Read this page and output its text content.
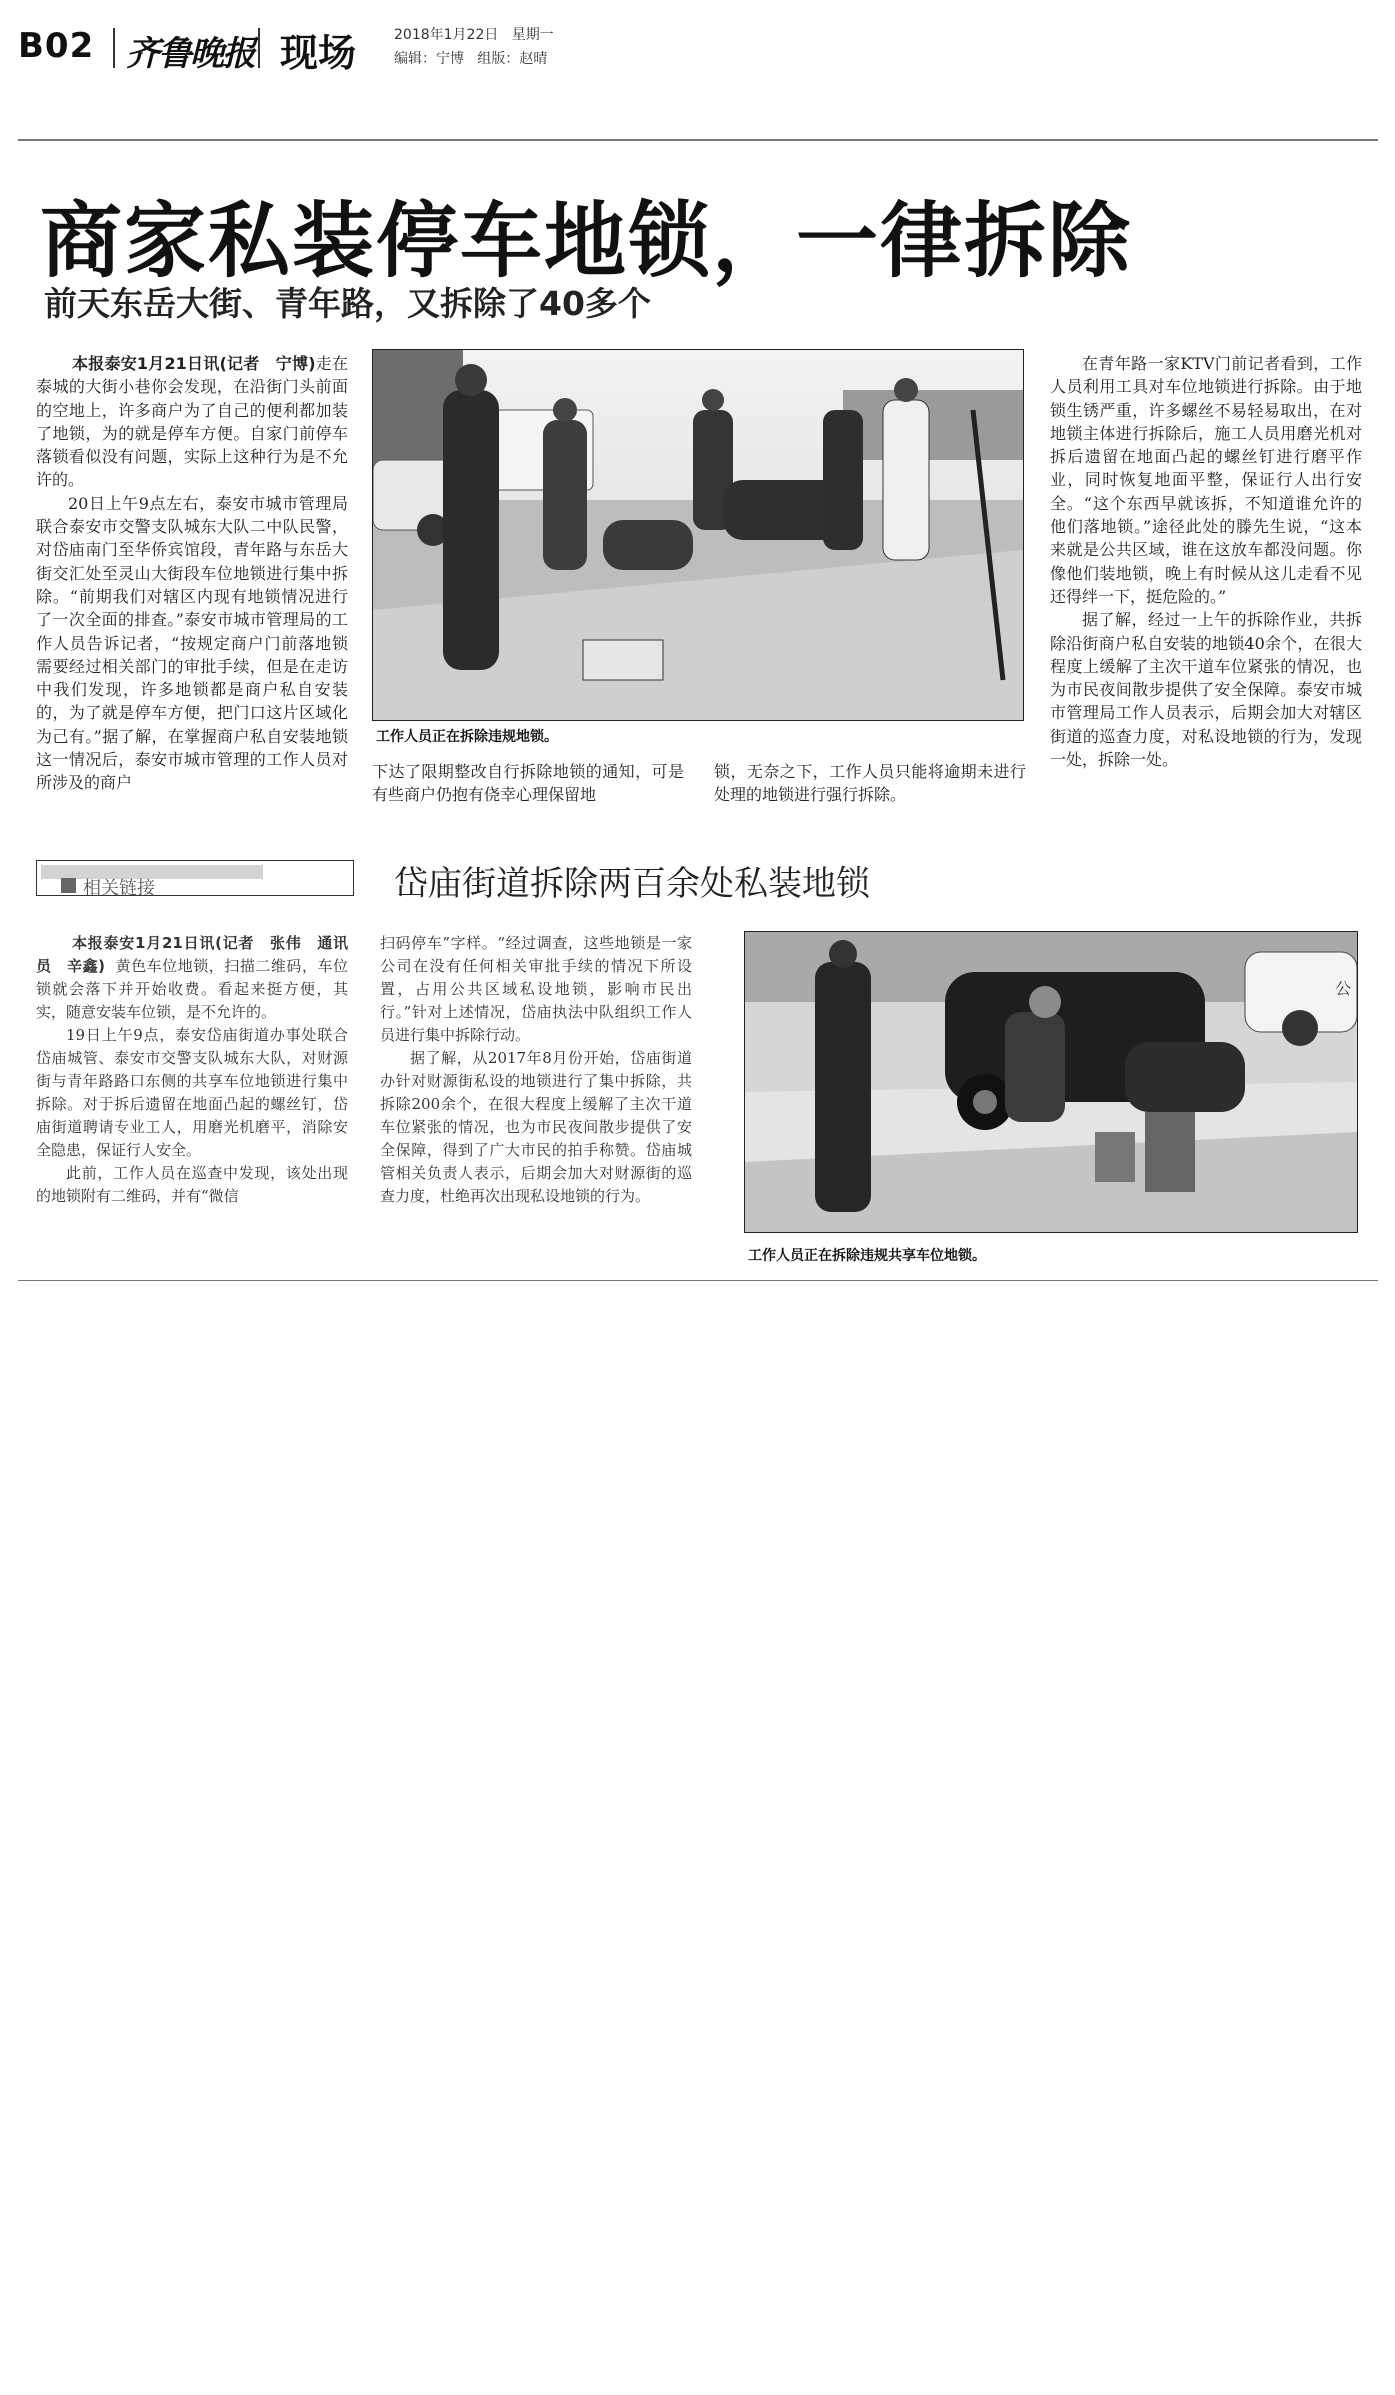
B02 齐鲁晚报 现场	2018年1月22日 星期一
编辑：宁博 组版：赵晴
商家私装停车地锁，一律拆除
前天东岳大街、青年路，又拆除了40多个

本报泰安1月21日讯(记者　宁博)走在泰城的大街小巷你会发现，在沿街门头前面的空地上，许多商户为了自己的便利都加装了地锁，为的就是停车方便。自家门前停车落锁看似没有问题，实际上这种行为是不允许的。

20日上午9点左右，泰安市城市管理局联合泰安市交警支队城东大队二中队民警，对岱庙南门至华侨宾馆段，青年路与东岳大街交汇处至灵山大街段车位地锁进行集中拆除。“前期我们对辖区内现有地锁情况进行了一次全面的排查。”泰安市城市管理局的工作人员告诉记者，“按规定商户门前落地锁需要经过相关部门的审批手续，但是在走访中我们发现，许多地锁都是商户私自安装的，为了就是停车方便，把门口这片区域化为己有。”据了解，在掌握商户私自安装地锁这一情况后，泰安市城市管理的工作人员对所涉及的商户

工作人员正在拆除违规地锁。

下达了限期整改自行拆除地锁的通知，可是有些商户仍抱有侥幸心理保留地

锁，无奈之下，工作人员只能将逾期未进行处理的地锁进行强行拆除。

在青年路一家KTV门前记者看到，工作人员利用工具对车位地锁进行拆除。由于地锁生锈严重，许多螺丝不易轻易取出，在对地锁主体进行拆除后，施工人员用磨光机对拆后遗留在地面凸起的螺丝钉进行磨平作业，同时恢复地面平整，保证行人出行安全。“这个东西早就该拆，不知道谁允许的他们落地锁。”途径此处的滕先生说，“这本来就是公共区域，谁在这放车都没问题。你像他们装地锁，晚上有时候从这儿走看不见还得绊一下，挺危险的。”

据了解，经过一上午的拆除作业，共拆除沿街商户私自安装的地锁40余个，在很大程度上缓解了主次干道车位紧张的情况，也为市民夜间散步提供了安全保障。泰安市城市管理局工作人员表示，后期会加大对辖区街道的巡查力度，对私设地锁的行为，发现一处，拆除一处。

相关链接	岱庙街道拆除两百余处私装地锁

本报泰安1月21日讯(记者　张伟　通讯员　辛鑫) 黄色车位地锁，扫描二维码，车位锁就会落下并开始收费。看起来挺方便，其实，随意安装车位锁，是不允许的。

19日上午9点，泰安岱庙街道办事处联合岱庙城管、泰安市交警支队城东大队，对财源街与青年路路口东侧的共享车位地锁进行集中拆除。对于拆后遗留在地面凸起的螺丝钉，岱庙街道聘请专业工人，用磨光机磨平，消除安全隐患，保证行人安全。

此前，工作人员在巡查中发现，该处出现的地锁附有二维码，并有“微信

扫码停车”字样。“经过调查，这些地锁是一家公司在没有任何相关审批手续的情况下所设置，占用公共区域私设地锁，影响市民出行。”针对上述情况，岱庙执法中队组织工作人员进行集中拆除行动。

据了解，从2017年8月份开始，岱庙街道办针对财源街私设的地锁进行了集中拆除，共拆除200余个，在很大程度上缓解了主次干道车位紧张的情况，也为市民夜间散步提供了安全保障，得到了广大市民的拍手称赞。岱庙城管相关负责人表示，后期会加大对财源街的巡查力度，杜绝再次出现私设地锁的行为。

公
工作人员正在拆除违规共享车位地锁。
